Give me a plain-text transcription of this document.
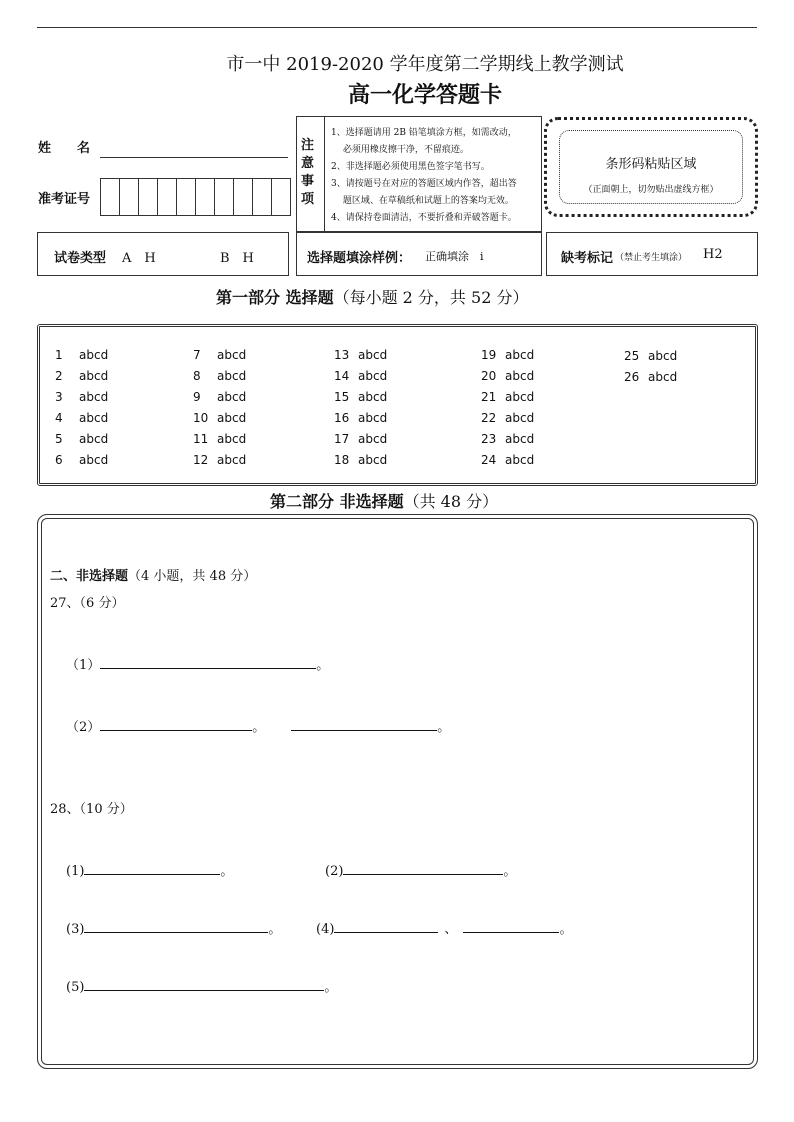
市一中 2019-2020 学年度第二学期线上教学测试
高一化学答题卡
姓　　名
准考证号
注意事项
1、选择题请用 2B 铅笔填涂方框，如需改动，
　 必须用橡皮擦干净，不留痕迹。
2、非选择题必须使用黑色签字笔书写。
3、请按题号在对应的答题区域内作答，超出答
　 题区域、在草稿纸和试题上的答案均无效。
4、请保持卷面清洁，不要折叠和弄破答题卡。
条形码粘贴区域
（正面朝上，切勿贴出虚线方框）
试卷类型 A　H	B　H	选择题填涂样例： 正确填涂　i	缺考标记 （禁止考生填涂） H2
第一部分 选择题（每小题 2 分，共 52 分）
1 abcd
2 abcd
3 abcd
4 abcd
5 abcd
6 abcd
7 abcd
8 abcd
9 abcd
10 abcd
11 abcd
12 abcd
13 abcd
14 abcd
15 abcd
16 abcd
17 abcd
18 abcd
19 abcd
20 abcd
21 abcd
22 abcd
23 abcd
24 abcd
25 abcd
26 abcd
第二部分 非选择题（共 48 分）
二、非选择题（4 小题，共 48 分）
27、（6 分）
（1）	。
（2）	。	。
28、（10 分）
(1)	。	(2)	。
(3)	。	(4)	、	。
(5)	。
